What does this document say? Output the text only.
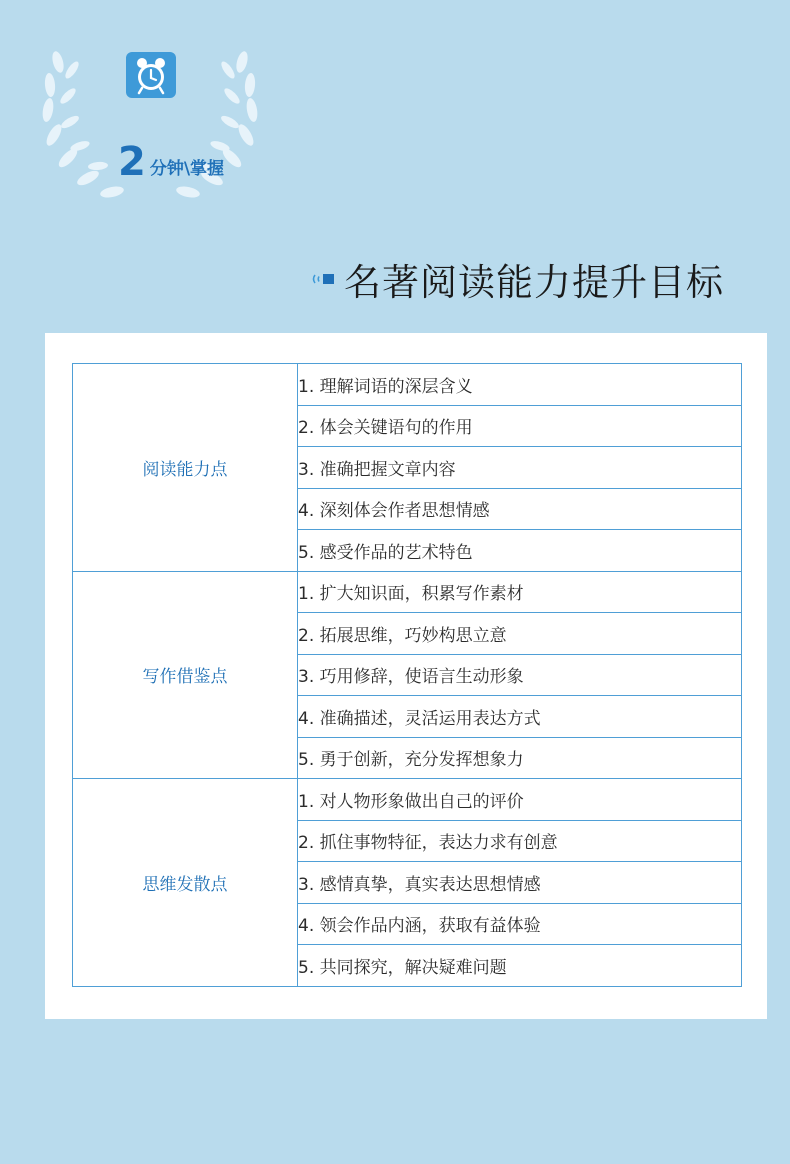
2 分钟\掌握
名著阅读能力提升目标
阅读能力点	1. 理解词语的深层含义
	2. 体会关键语句的作用
	3. 准确把握文章内容
	4. 深刻体会作者思想情感
	5. 感受作品的艺术特色
写作借鉴点	1. 扩大知识面，积累写作素材
	2. 拓展思维，巧妙构思立意
	3. 巧用修辞，使语言生动形象
	4. 准确描述，灵活运用表达方式
	5. 勇于创新，充分发挥想象力
思维发散点	1. 对人物形象做出自己的评价
	2. 抓住事物特征，表达力求有创意
	3. 感情真挚，真实表达思想情感
	4. 领会作品内涵，获取有益体验
	5. 共同探究，解决疑难问题
